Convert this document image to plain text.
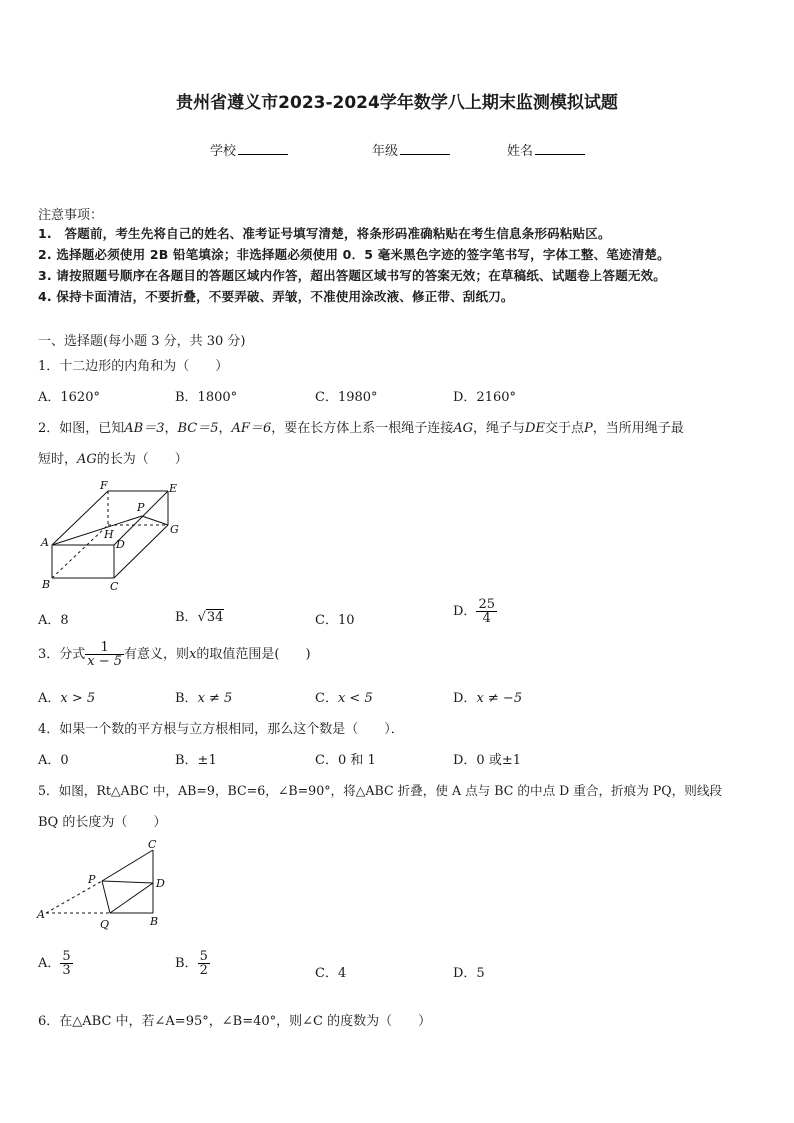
贵州省遵义市2023-2024学年数学八上期末监测模拟试题
学校	年级	姓名
注意事项：
1.　答题前，考生先将自己的姓名、准考证号填写清楚，将条形码准确粘贴在考生信息条形码粘贴区。
2. 选择题必须使用 2B 铅笔填涂；非选择题必须使用 0．5 毫米黑色字迹的签字笔书写，字体工整、笔迹清楚。
3. 请按照题号顺序在各题目的答题区域内作答，超出答题区域书写的答案无效；在草稿纸、试题卷上答题无效。
4. 保持卡面清洁，不要折叠，不要弄破、弄皱，不准使用涂改液、修正带、刮纸刀。
一、选择题(每小题 3 分，共 30 分)
1．十二边形的内角和为（　　）
A．1620°	B．1800°	C．1980°	D．2160°
2．如图，已知AB＝3，BC＝5，AF＝6，要在长方体上系一根绳子连接AG，绳子与DE交于点P，当所用绳子最
短时，AG的长为（　　）
F	E
P
A
H
D
G
B	C
A．8	B．√34	C．10
D． $\frac{25}{4}$
3．分式 $\frac{1}{x - 5}$ 有意义，则x的取值范围是(　　)
A．x > 5	B．x ≠ 5	C．x < 5	D．x ≠ −5
4．如果一个数的平方根与立方根相同，那么这个数是（　　）．
A．0	B．±1	C．0 和 1	D．0 或±1
5．如图，Rt△ABC 中，AB=9，BC=6，∠B=90°，将△ABC 折叠，使 A 点与 BC 的中点 D 重合，折痕为 PQ，则线段
BQ 的长度为（　　）
C
P	D
A
Q	B
A． $\frac{5}{3}$	B． $\frac{5}{2}$	C．4	D．5
6．在△ABC 中，若∠A=95°，∠B=40°，则∠C 的度数为（　　）
